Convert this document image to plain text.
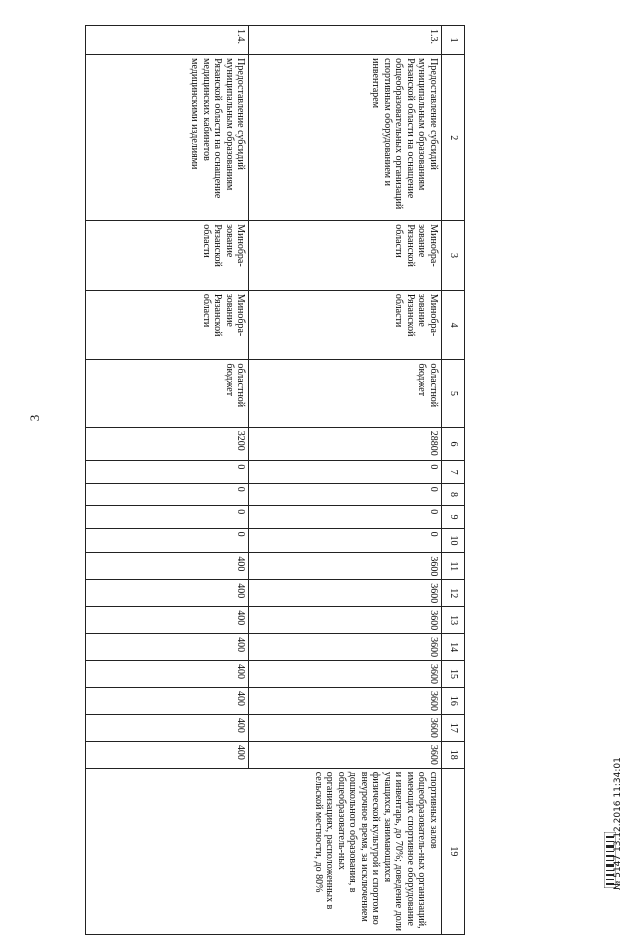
3
1	2	3	4	5	6	7	8	9	10	11	12	13	14	15	16	17	18	19
1.3.	Предоставление субсидий муниципальным образованиям Рязанской области на оснащение общеобразовательных организаций спортивным оборудованием и инвентарем	Минобра-зование Рязанской области	Минобра-зование Рязанской области	областной бюджет	28800	0	0	0	0	3600	3600	3600	3600	3600	3600	3600	3600	спортивных залов общеобразователь-ных организаций, имеющих спортивное оборудование и инвентарь, до 70%; доведение доли учащихся, занимающихся физической культурой и спортом во внеурочное время, за исключением дошкольного образования, в общеобразователь-ных организациях, расположенных в сельской местности, до 80%
1.4.	Предоставление субсидий муниципальным образованиям Рязанской области на оснащение медицинских кабинетов медицинскими изделиями	Минобра-зование Рязанской области	Минобра-зование Рязанской области	областной бюджет	3200	0	0	0	0	400	400	400	400	400	400	400	400	
№ 5147 13.12.2016 11:34:01
